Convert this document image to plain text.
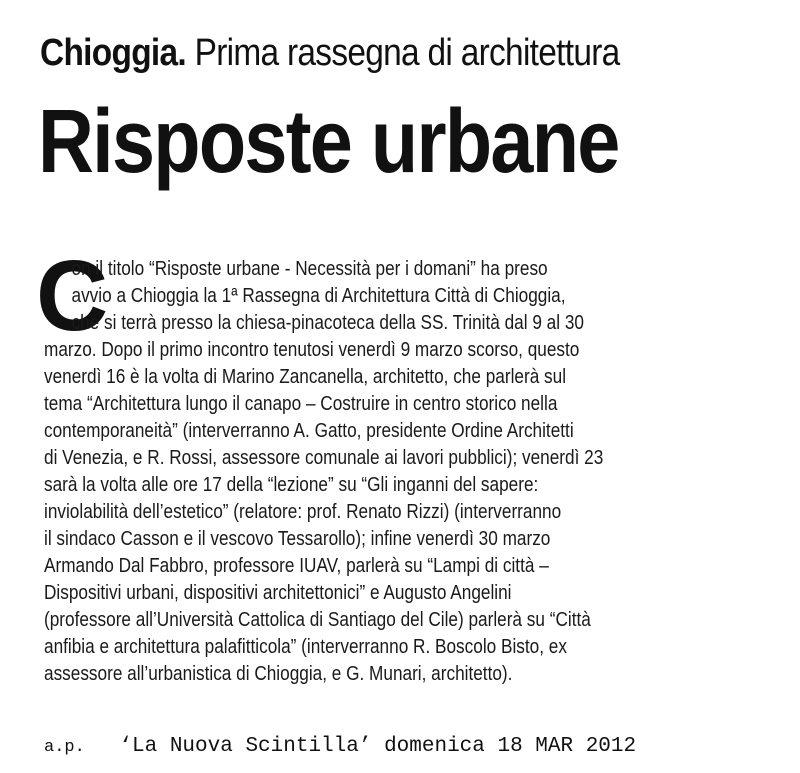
Chioggia. Prima rassegna di architettura
Risposte urbane
C
on il titolo “Risposte urbane - Necessità per i domani” ha preso
avvio a Chioggia la 1ª Rassegna di Architettura Città di Chioggia,
che si terrà presso la chiesa-pinacoteca della SS. Trinità dal 9 al 30
marzo. Dopo il primo incontro tenutosi venerdì 9 marzo scorso, questo
venerdì 16 è la volta di Marino Zancanella, architetto, che parlerà sul
tema “Architettura lungo il canapo – Costruire in centro storico nella
contemporaneità” (interverranno A. Gatto, presidente Ordine Architetti
di Venezia, e R. Rossi, assessore comunale ai lavori pubblici); venerdì 23
sarà la volta alle ore 17 della “lezione” su “Gli inganni del sapere:
inviolabilità dell’estetico” (relatore: prof. Renato Rizzi) (interverranno
il sindaco Casson e il vescovo Tessarollo); infine venerdì 30 marzo
Armando Dal Fabbro, professore IUAV, parlerà su “Lampi di città –
Dispositivi urbani, dispositivi architettonici” e Augusto Angelini
(professore all’Università Cattolica di Santiago del Cile) parlerà su “Città
anfibia e architettura palafitticola” (interverranno R. Boscolo Bisto, ex
assessore all’urbanistica di Chioggia, e G. Munari, architetto).
a.p. ‘La Nuova Scintilla’ domenica 18 MAR 2012
